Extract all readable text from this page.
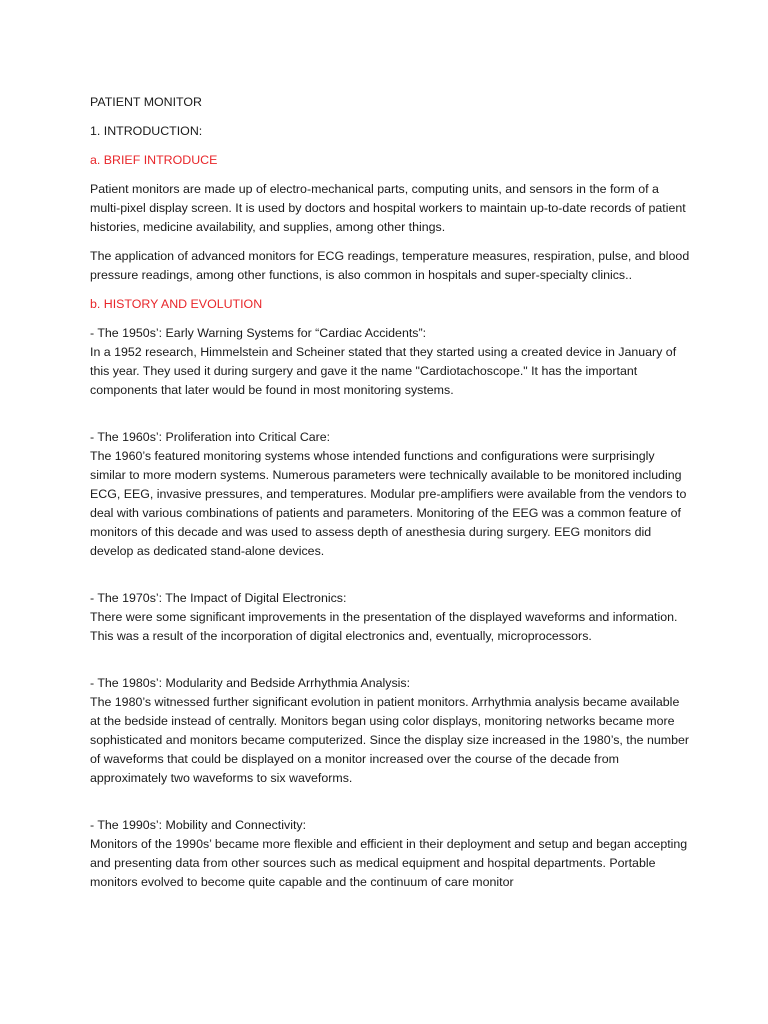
PATIENT MONITOR

1. INTRODUCTION:

a. BRIEF INTRODUCE

Patient monitors are made up of electro-mechanical parts, computing units, and sensors in the form of a multi-pixel display screen. It is used by doctors and hospital workers to maintain up-to-date records of patient histories, medicine availability, and supplies, among other things.

The application of advanced monitors for ECG readings, temperature measures, respiration, pulse, and blood pressure readings, among other functions, is also common in hospitals and super-specialty clinics..

b. HISTORY AND EVOLUTION

- The 1950s’: Early Warning Systems for “Cardiac Accidents”:

In a 1952 research, Himmelstein and Scheiner stated that they started using a created device in January of this year. They used it during surgery and gave it the name "Cardiotachoscope." It has the important components that later would be found in most monitoring systems.

- The 1960s’: Proliferation into Critical Care:

The 1960’s featured monitoring systems whose intended functions and configurations were surprisingly similar to more modern systems. Numerous parameters were technically available to be monitored including ECG, EEG, invasive pressures, and temperatures. Modular pre-amplifiers were available from the vendors to deal with various combinations of patients and parameters. Monitoring of the EEG was a common feature of monitors of this decade and was used to assess depth of anesthesia during surgery. EEG monitors did develop as dedicated stand-alone devices.

- The 1970s’: The Impact of Digital Electronics:

There were some significant improvements in the presentation of the displayed waveforms and information. This was a result of the incorporation of digital electronics and, eventually, microprocessors.

- The 1980s’: Modularity and Bedside Arrhythmia Analysis:

The 1980’s witnessed further significant evolution in patient monitors. Arrhythmia analysis became available at the bedside instead of centrally. Monitors began using color displays, monitoring networks became more sophisticated and monitors became computerized. Since the display size increased in the 1980’s, the number of waveforms that could be displayed on a monitor increased over the course of the decade from approximately two waveforms to six waveforms.

- The 1990s’: Mobility and Connectivity:

Monitors of the 1990s’ became more flexible and efficient in their deployment and setup and began accepting and presenting data from other sources such as medical equipment and hospital departments. Portable monitors evolved to become quite capable and the continuum of care monitor
